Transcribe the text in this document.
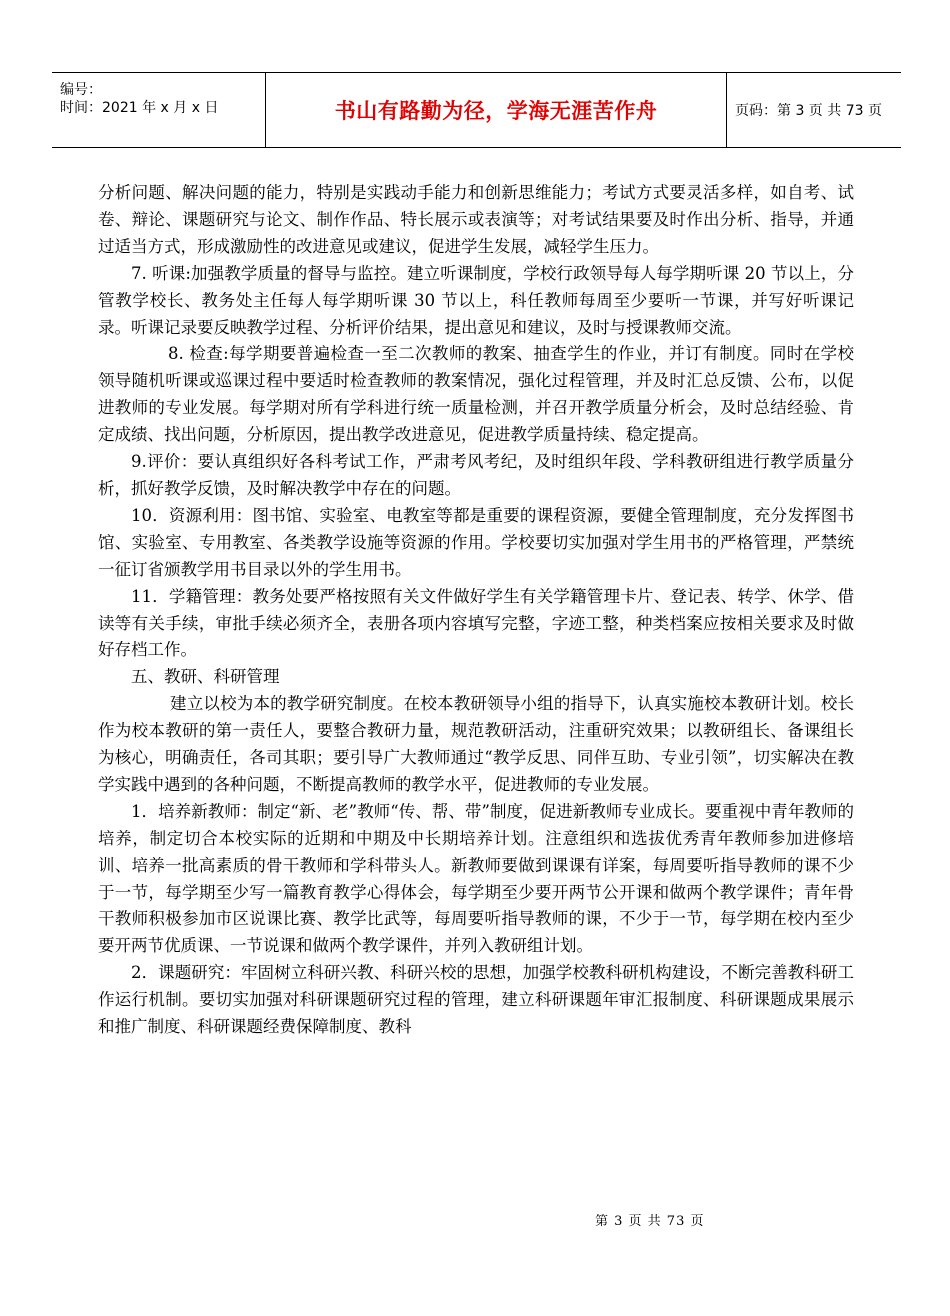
编号：
时间：2021 年 x 月 x 日	书山有路勤为径，学海无涯苦作舟	页码：第 3 页 共 73 页

分析问题、解决问题的能力，特别是实践动手能力和创新思维能力；考试方式要灵活多样，如自考、试卷、辩论、课题研究与论文、制作作品、特长展示或表演等；对考试结果要及时作出分析、指导，并通过适当方式，形成激励性的改进意见或建议，促进学生发展，减轻学生压力。

7. 听课:加强教学质量的督导与监控。建立听课制度，学校行政领导每人每学期听课 20 节以上，分管教学校长、教务处主任每人每学期听课 30 节以上，科任教师每周至少要听一节课，并写好听课记录。听课记录要反映教学过程、分析评价结果，提出意见和建议，及时与授课教师交流。

8. 检查:每学期要普遍检查一至二次教师的教案、抽查学生的作业，并订有制度。同时在学校领导随机听课或巡课过程中要适时检查教师的教案情况，强化过程管理，并及时汇总反馈、公布，以促进教师的专业发展。每学期对所有学科进行统一质量检测，并召开教学质量分析会，及时总结经验、肯定成绩、找出问题，分析原因，提出教学改进意见，促进教学质量持续、稳定提高。

9.评价：要认真组织好各科考试工作，严肃考风考纪，及时组织年段、学科教研组进行教学质量分析，抓好教学反馈，及时解决教学中存在的问题。

10．资源利用：图书馆、实验室、电教室等都是重要的课程资源，要健全管理制度，充分发挥图书馆、实验室、专用教室、各类教学设施等资源的作用。学校要切实加强对学生用书的严格管理，严禁统一征订省颁教学用书目录以外的学生用书。

11．学籍管理：教务处要严格按照有关文件做好学生有关学籍管理卡片、登记表、转学、休学、借读等有关手续，审批手续必须齐全，表册各项内容填写完整，字迹工整，种类档案应按相关要求及时做好存档工作。

五、教研、科研管理

建立以校为本的教学研究制度。在校本教研领导小组的指导下，认真实施校本教研计划。校长作为校本教研的第一责任人，要整合教研力量，规范教研活动，注重研究效果；以教研组长、备课组长为核心，明确责任，各司其职；要引导广大教师通过“教学反思、同伴互助、专业引领”，切实解决在教学实践中遇到的各种问题，不断提高教师的教学水平，促进教师的专业发展。

1．培养新教师：制定“新、老”教师“传、帮、带”制度，促进新教师专业成长。要重视中青年教师的培养，制定切合本校实际的近期和中期及中长期培养计划。注意组织和选拔优秀青年教师参加进修培训、培养一批高素质的骨干教师和学科带头人。新教师要做到课课有详案，每周要听指导教师的课不少于一节，每学期至少写一篇教育教学心得体会，每学期至少要开两节公开课和做两个教学课件；青年骨干教师积极参加市区说课比赛、教学比武等，每周要听指导教师的课，不少于一节，每学期在校内至少要开两节优质课、一节说课和做两个教学课件，并列入教研组计划。

2．课题研究：牢固树立科研兴教、科研兴校的思想，加强学校教科研机构建设，不断完善教科研工作运行机制。要切实加强对科研课题研究过程的管理，建立科研课题年审汇报制度、科研课题成果展示和推广制度、科研课题经费保障制度、教科

第 3 页 共 73 页
